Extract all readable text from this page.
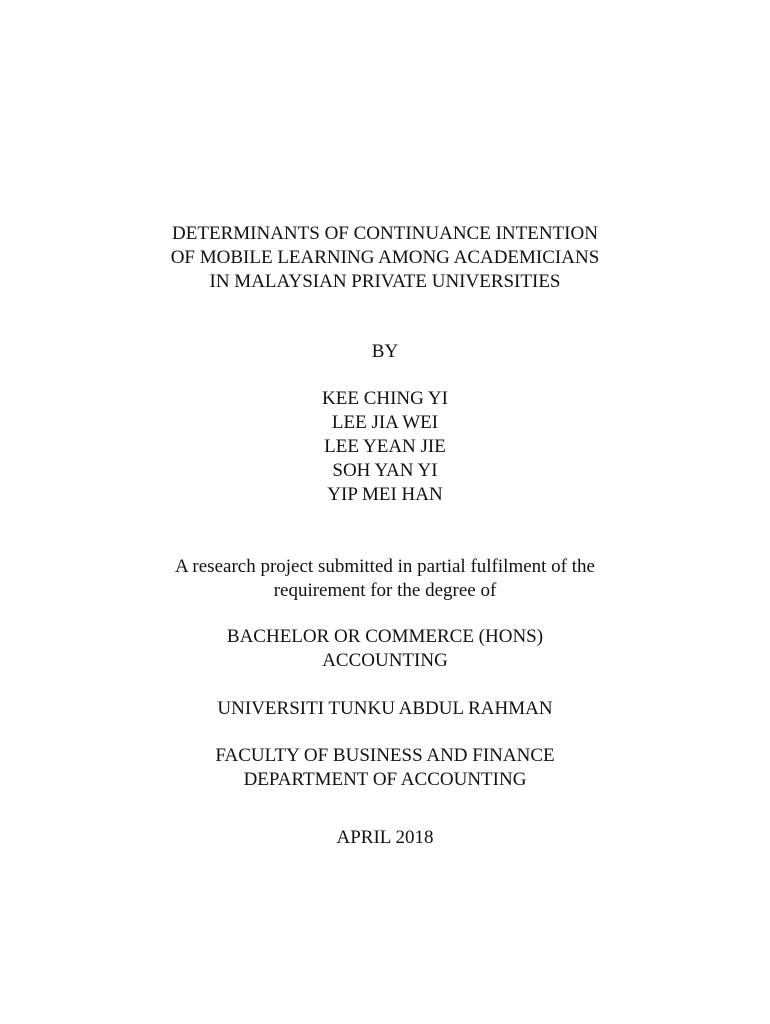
DETERMINANTS OF CONTINUANCE INTENTION
OF MOBILE LEARNING AMONG ACADEMICIANS
IN MALAYSIAN PRIVATE UNIVERSITIES
BY
KEE CHING YI
LEE JIA WEI
LEE YEAN JIE
SOH YAN YI
YIP MEI HAN
A research project submitted in partial fulfilment of the
requirement for the degree of
BACHELOR OR COMMERCE (HONS)
ACCOUNTING
UNIVERSITI TUNKU ABDUL RAHMAN
FACULTY OF BUSINESS AND FINANCE
DEPARTMENT OF ACCOUNTING
APRIL 2018
